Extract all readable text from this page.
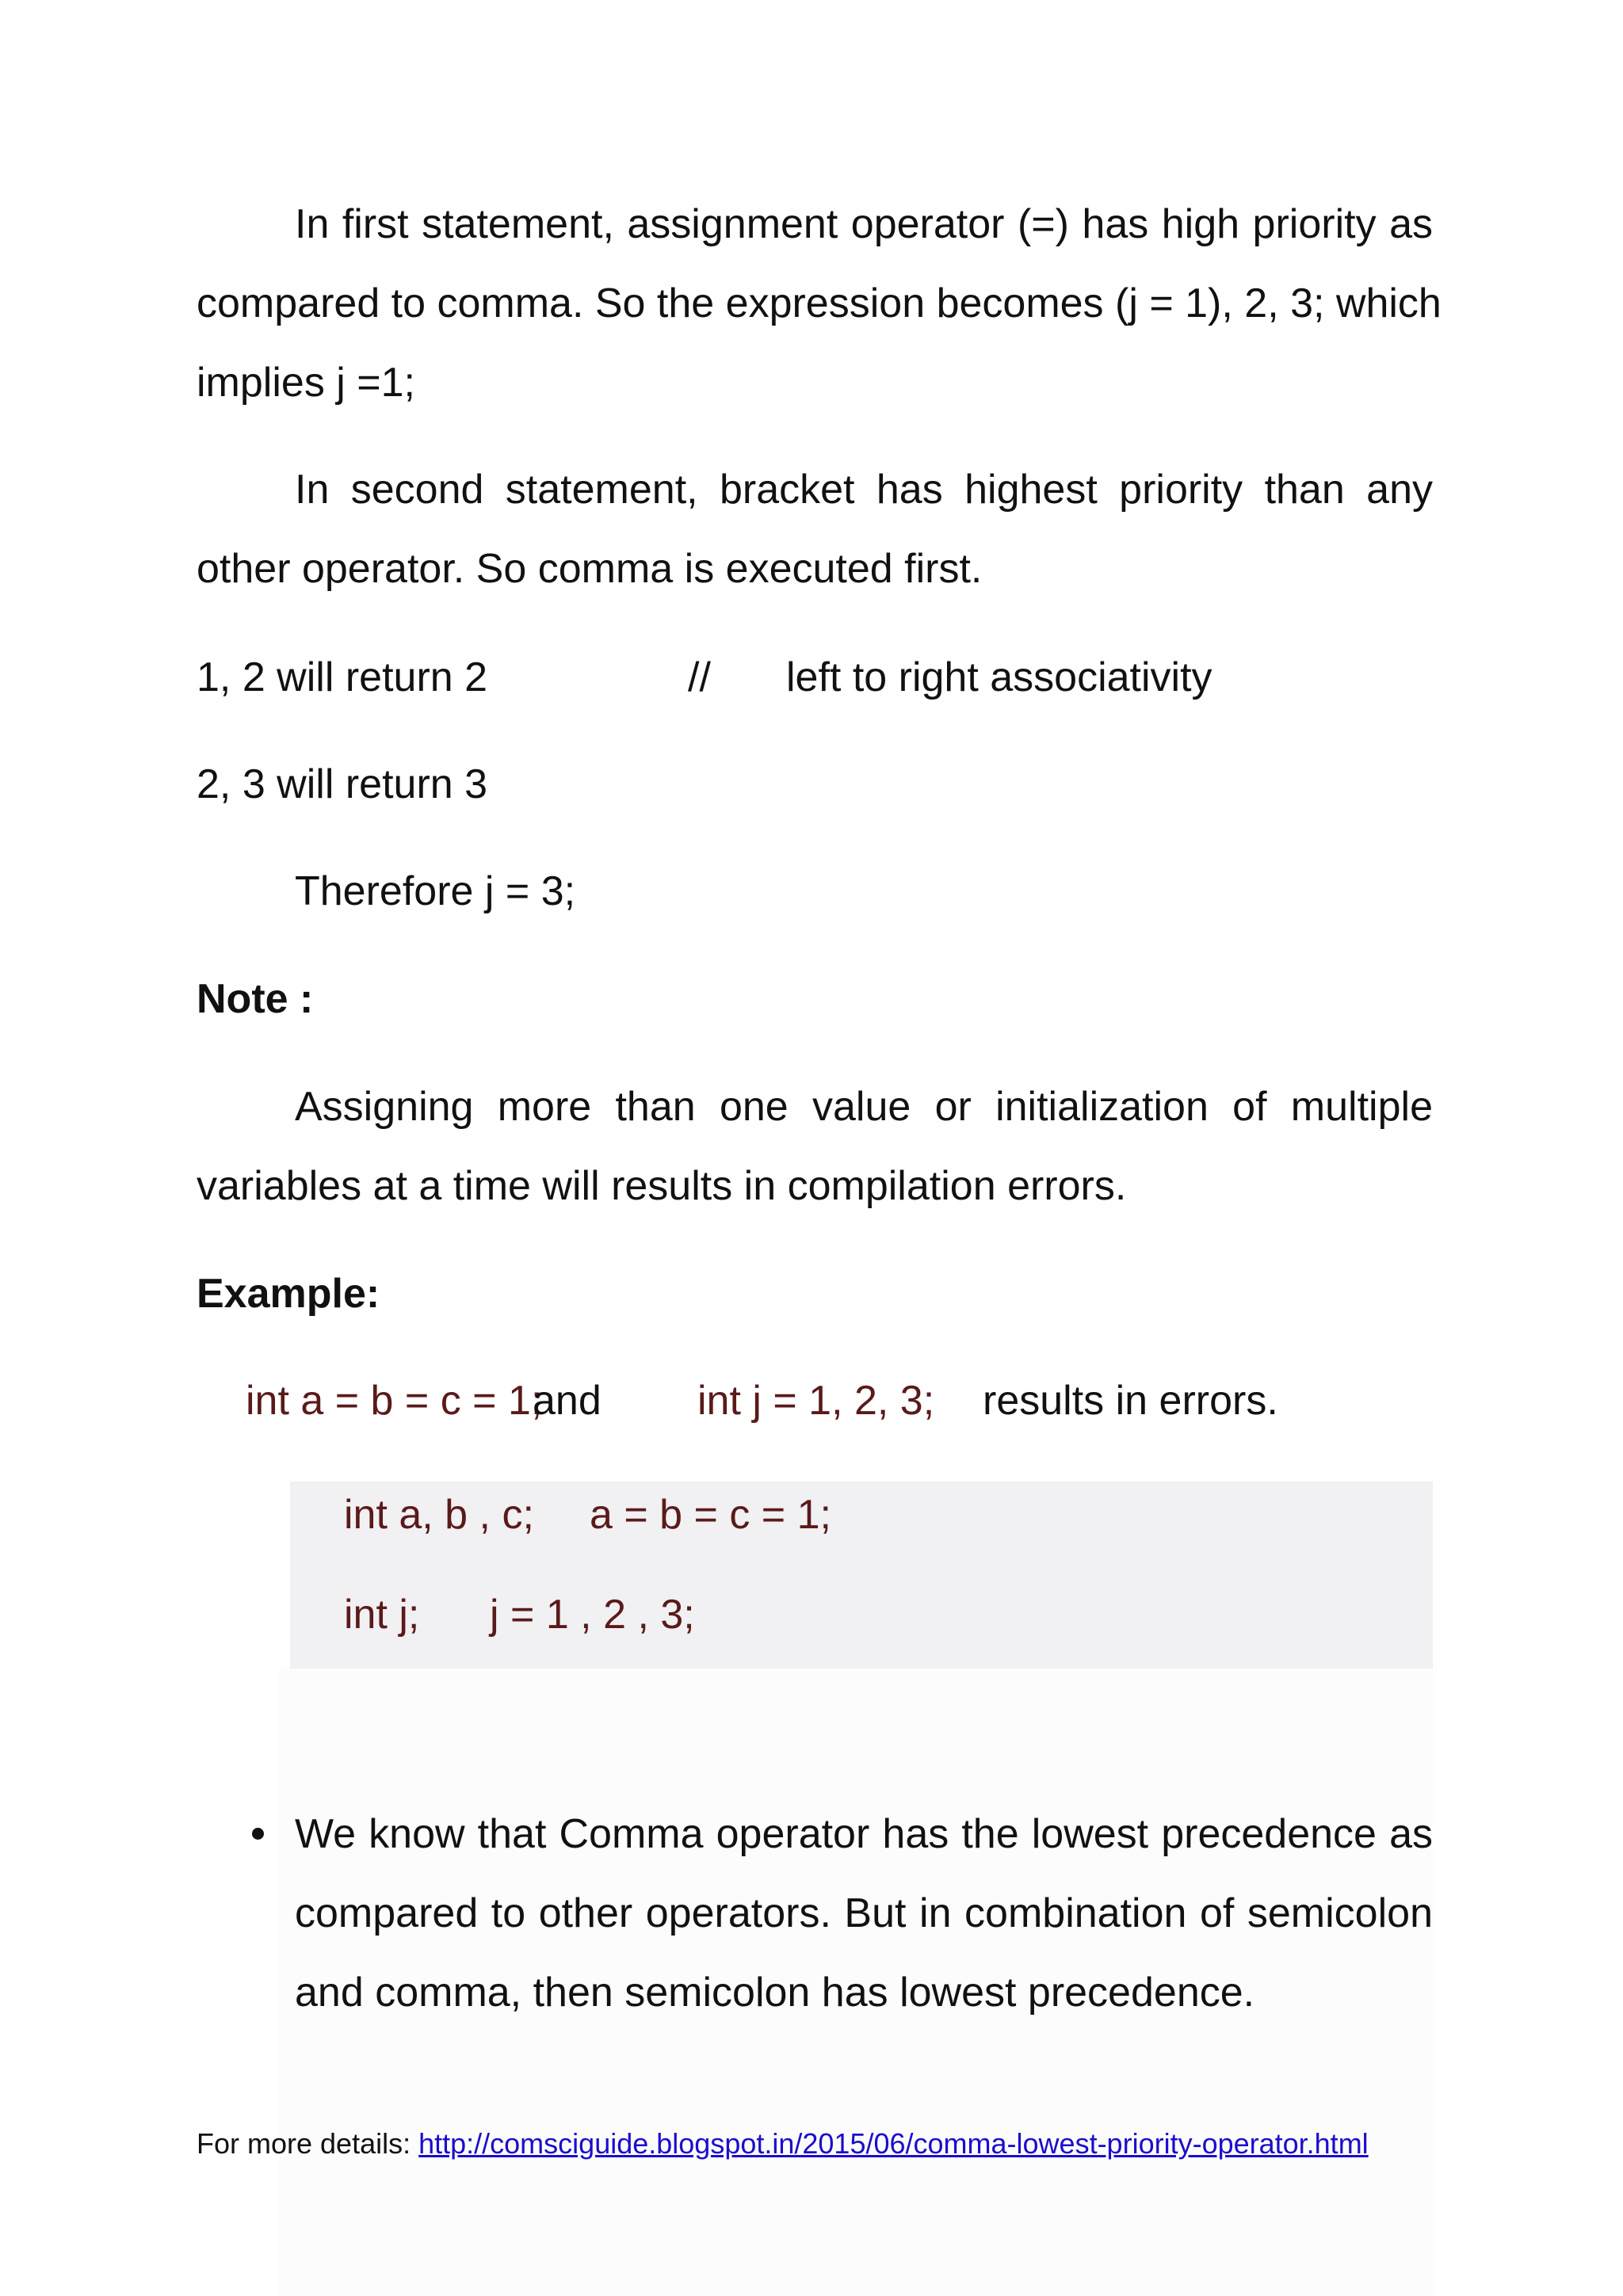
In first statement, assignment operator (=) has high priority as
compared to comma. So the expression becomes (j = 1), 2, 3; which
implies j =1;
In second statement, bracket has highest priority than any
other operator. So comma is executed first.
1, 2 will return 2	// left to right associativity
2, 3 will return 3
Therefore j = 3;
Note :
Assigning more than one value or initialization of multiple
variables at a time will results in compilation errors.
Example:
int a = b = c = 1;
and int j = 1, 2, 3; results in errors.
int a, b , c; a = b = c = 1;
int j; j = 1 , 2 , 3;
We know that Comma operator has the lowest precedence as
compared to other operators. But in combination of semicolon
and comma, then semicolon has lowest precedence.
For more details: http://comsciguide.blogspot.in/2015/06/comma-lowest-priority-operator.html
